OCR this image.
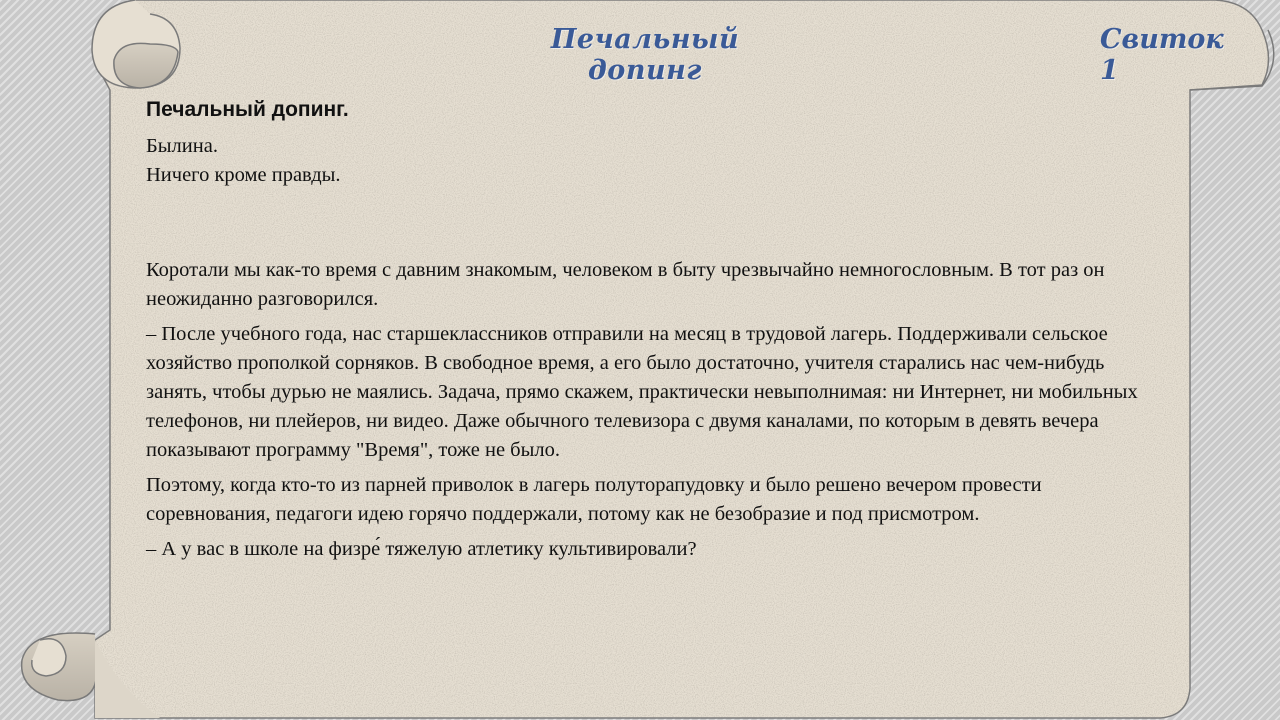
Печальный допинг
Свиток 1
Печальный допинг.

Былина.

Ничего кроме правды.

Коротали мы как-то время с давним знакомым, человеком в быту чрезвычайно немногословным. В тот раз он неожиданно разговорился.

– После учебного года, нас старшеклассников отправили на месяц в трудовой лагерь. Поддерживали сельское хозяйство прополкой сорняков. В свободное время, а его было достаточно, учителя старались нас чем-нибудь занять, чтобы дурью не маялись. Задача, прямо скажем, практически невыполнимая: ни Интернет, ни мобильных телефонов, ни плейеров, ни видео. Даже обычного телевизора с двумя каналами, по которым в девять вечера показывают программу "Время", тоже не было.

Поэтому, когда кто-то из парней приволок в лагерь полуторапудовку и было решено вечером провести соревнования, педагоги идею горячо поддержали, потому как не безобразие и под присмотром.

– А у вас в школе на физре́ тяжелую атлетику культивировали?
